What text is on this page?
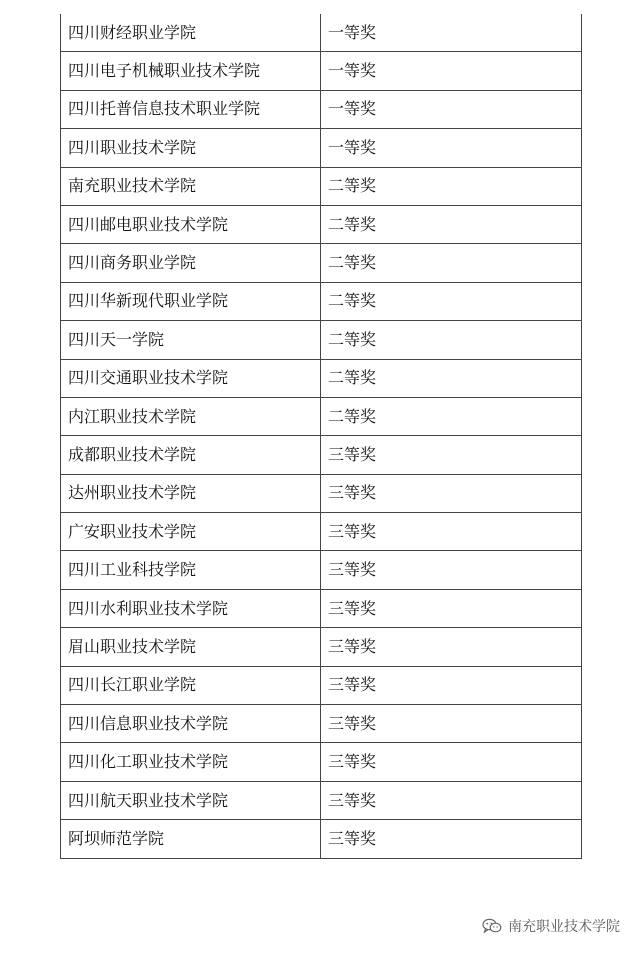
四川财经职业学院	一等奖
四川电子机械职业技术学院	一等奖
四川托普信息技术职业学院	一等奖
四川职业技术学院	一等奖
南充职业技术学院	二等奖
四川邮电职业技术学院	二等奖
四川商务职业学院	二等奖
四川华新现代职业学院	二等奖
四川天一学院	二等奖
四川交通职业技术学院	二等奖
内江职业技术学院	二等奖
成都职业技术学院	三等奖
达州职业技术学院	三等奖
广安职业技术学院	三等奖
四川工业科技学院	三等奖
四川水利职业技术学院	三等奖
眉山职业技术学院	三等奖
四川长江职业学院	三等奖
四川信息职业技术学院	三等奖
四川化工职业技术学院	三等奖
四川航天职业技术学院	三等奖
阿坝师范学院	三等奖
南充职业技术学院
